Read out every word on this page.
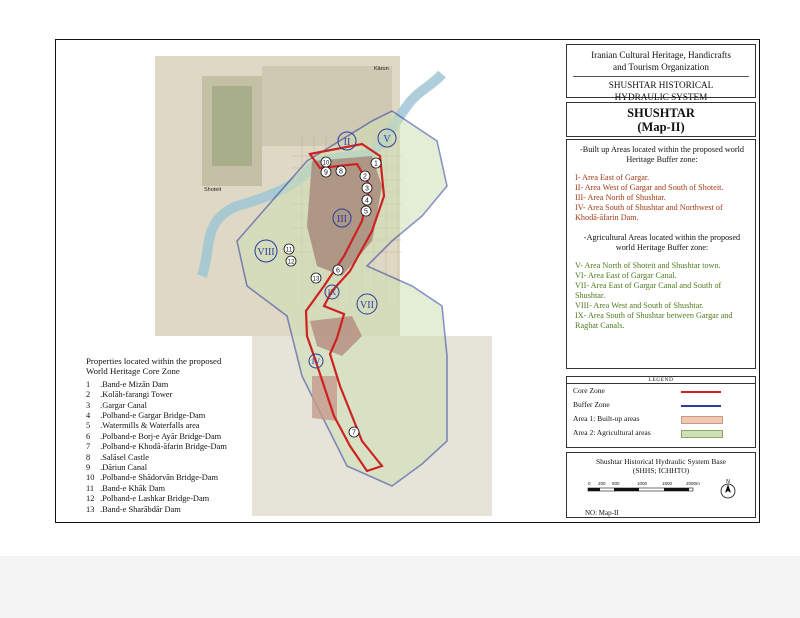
II	V
III
VIII
VII
IX
IV
1
2
3
4
5
6
7
8
9
10
11
12
13
Shoteit
Kārun
Properties located within the proposed
World Heritage Core Zone
1 .Band-e Mizān Dam
2 .Kolāh-farangi Tower
3 .Gargar Canal
4 .Polband-e Gargar Bridge-Dam
5 .Watermills & Waterfalls area
6 .Polband-e Borj-e Ayār Bridge-Dam
7 .Polband-e Khodā-āfarin Bridge-Dam
8 .Salāsel Castle
9 .Dāriun Canal
10 .Polband-e Shādorvān Bridge-Dam
11 .Band-e Khāk Dam
12 .Polband-e Lashkar Bridge-Dam
13 .Band-e Sharābdār Dam
Iranian Cultural Heritage, Handicrafts
and Tourism Organization
SHUSHTAR HISTORICAL
HYDRAULIC SYSTEM
SHUSHTAR
(Map-II)
-Built up Areas located within the proposed world Heritage Buffer zone:
I- Area East of Gargar.
II- Area West of Gargar and South of Shoteit.
III- Area North of Shushtar.
IV- Area South of Shushtar and Northwest of Khodā-āfarin Dam.
-Agricultural Areas located within the proposed world Heritage Buffer zone:
V- Area North of Shoteit and Shushtar town.
VI- Area East of Gargar Canal.
VII- Area East of Gargar Canal and South of Shushtar.
VIII- Area West and South of Shushtar.
IX- Area South of Shushtar between Gargar and Raghat Canals.
LEGEND
Core Zone
Buffer Zone
Area 1: Built-up areas
Area 2: Agricultural areas
Shushtar Historical Hydraulic System Base
(SHHS; ICHHTO)
0 200 500	1000	1500	2000m	N
NO: Map-II
